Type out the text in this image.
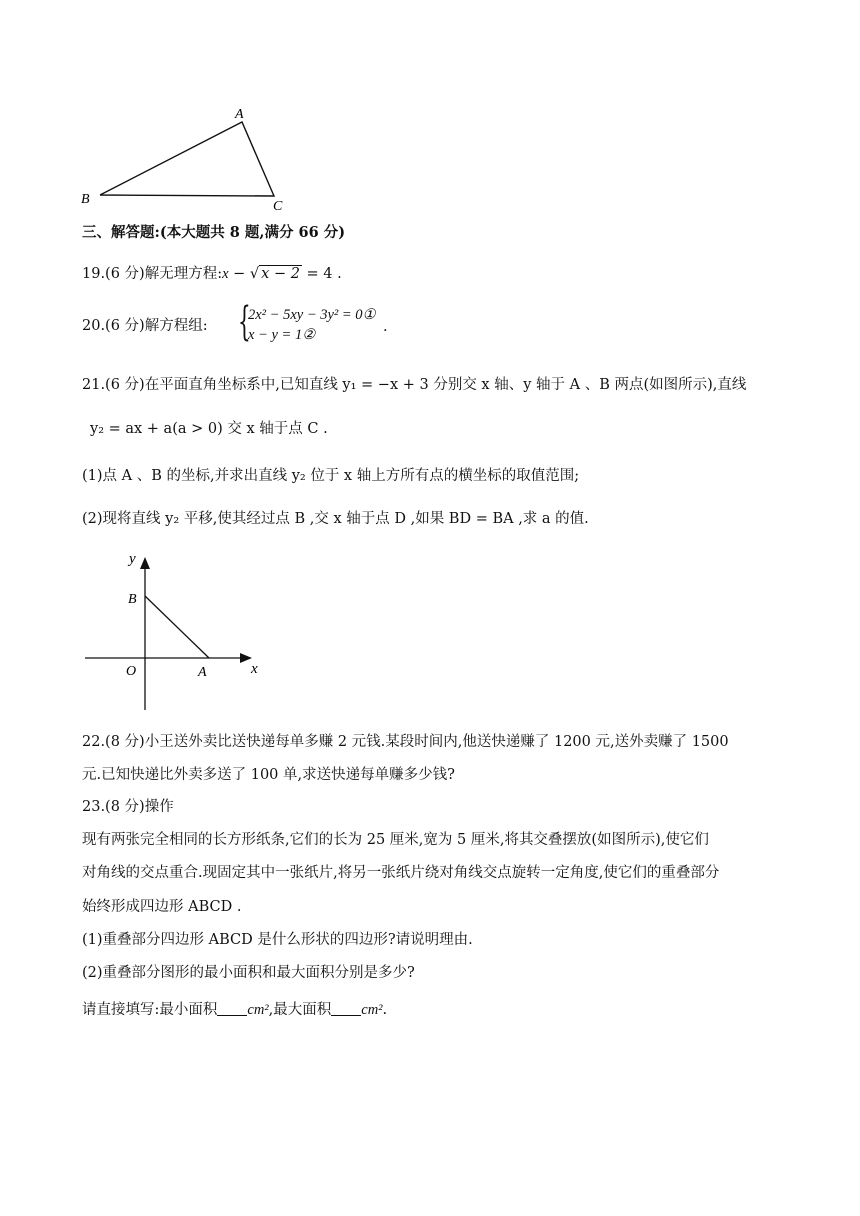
A
B	C
三、解答题:(本大题共 8 题,满分 66 分)
19.(6 分)解无理方程:x − √ x − 2 = 4 .
20.(6 分)解方程组: {
2x² − 5xy − 3y² = 0①
x − y = 1②	.
21.(6 分)在平面直角坐标系中,已知直线 y₁ = −x + 3 分别交 x 轴、y 轴于 A 、B 两点(如图所示),直线
y₂ = ax + a(a > 0) 交 x 轴于点 C .
(1)点 A 、B 的坐标,并求出直线 y₂ 位于 x 轴上方所有点的横坐标的取值范围;
(2)现将直线 y₂ 平移,使其经过点 B ,交 x 轴于点 D ,如果 BD = BA ,求 a 的值.
y
x
B
O	A
22.(8 分)小王送外卖比送快递每单多赚 2 元钱.某段时间内,他送快递赚了 1200 元,送外卖赚了 1500
元.已知快递比外卖多送了 100 单,求送快递每单赚多少钱?
23.(8 分)操作
现有两张完全相同的长方形纸条,它们的长为 25 厘米,宽为 5 厘米,将其交叠摆放(如图所示),使它们
对角线的交点重合.现固定其中一张纸片,将另一张纸片绕对角线交点旋转一定角度,使它们的重叠部分
始终形成四边形 ABCD .
(1)重叠部分四边形 ABCD 是什么形状的四边形?请说明理由.
(2)重叠部分图形的最小面积和最大面积分别是多少?
请直接填写:最小面积 cm²,最大面积 cm².
